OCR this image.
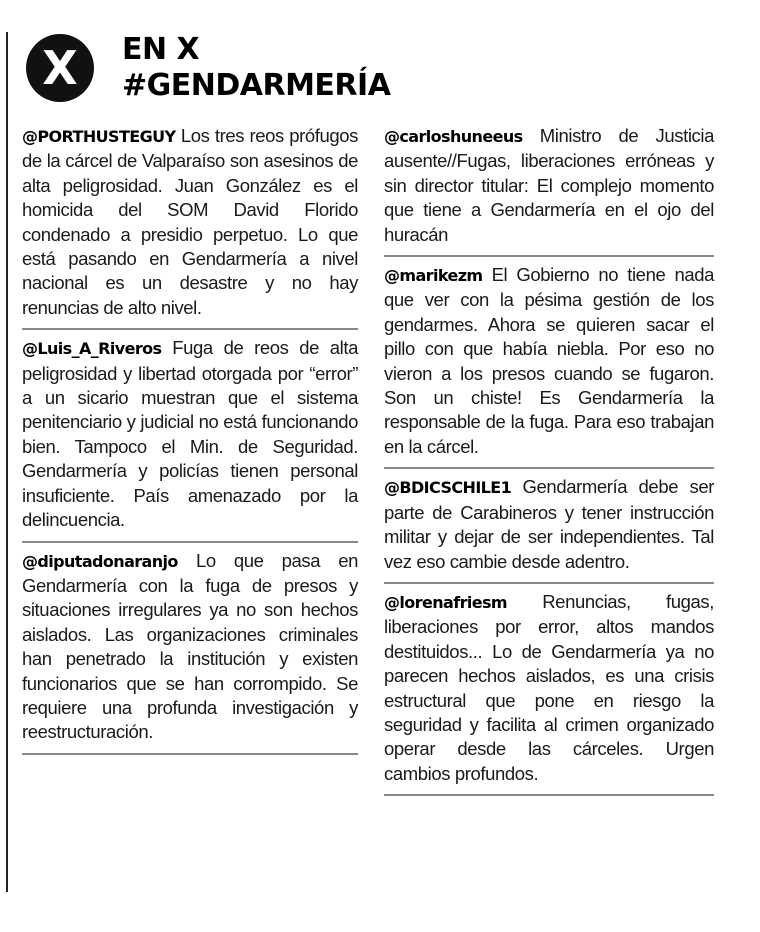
X	EN X
#GENDARMERÍA
@PORTHUSTEGUY Los tres reos prófugos de la cárcel de Valparaíso son asesinos de alta peligrosidad. Juan González es el homicida del SOM David Florido condenado a presidio perpetuo. Lo que está pasando en Gendarmería a nivel nacional es un desastre y no hay renuncias de alto nivel.
@Luis_A_Riveros Fuga de reos de alta peligrosidad y libertad otorgada por “error” a un sicario muestran que el sistema penitenciario y judicial no está funcionando bien. Tampoco el Min. de Seguridad. Gendarmería y policías tienen personal insuficiente. País amenazado por la delincuencia.
@diputadonaranjo Lo que pasa en Gendarmería con la fuga de presos y situaciones irregulares ya no son hechos aislados. Las organizaciones criminales han penetrado la institución y existen funcionarios que se han corrompido. Se requiere una profunda investigación y reestructuración.
@carloshuneeus Ministro de Justicia ausente//Fugas, liberaciones erróneas y sin director titular: El complejo momento que tiene a Gendarmería en el ojo del huracán
@marikezm El Gobierno no tiene nada que ver con la pésima gestión de los gendarmes. Ahora se quieren sacar el pillo con que había niebla. Por eso no vieron a los presos cuando se fugaron. Son un chiste! Es Gendarmería la responsable de la fuga. Para eso trabajan en la cárcel.
@BDICSCHILE1 Gendarmería debe ser parte de Carabineros y tener instrucción militar y dejar de ser independientes. Tal vez eso cambie desde adentro.
@lorenafriesm Renuncias, fugas, liberaciones por error, altos mandos destituidos... Lo de Gendarmería ya no parecen hechos aislados, es una crisis estructural que pone en riesgo la seguridad y facilita al crimen organizado operar desde las cárceles. Urgen cambios profundos.
